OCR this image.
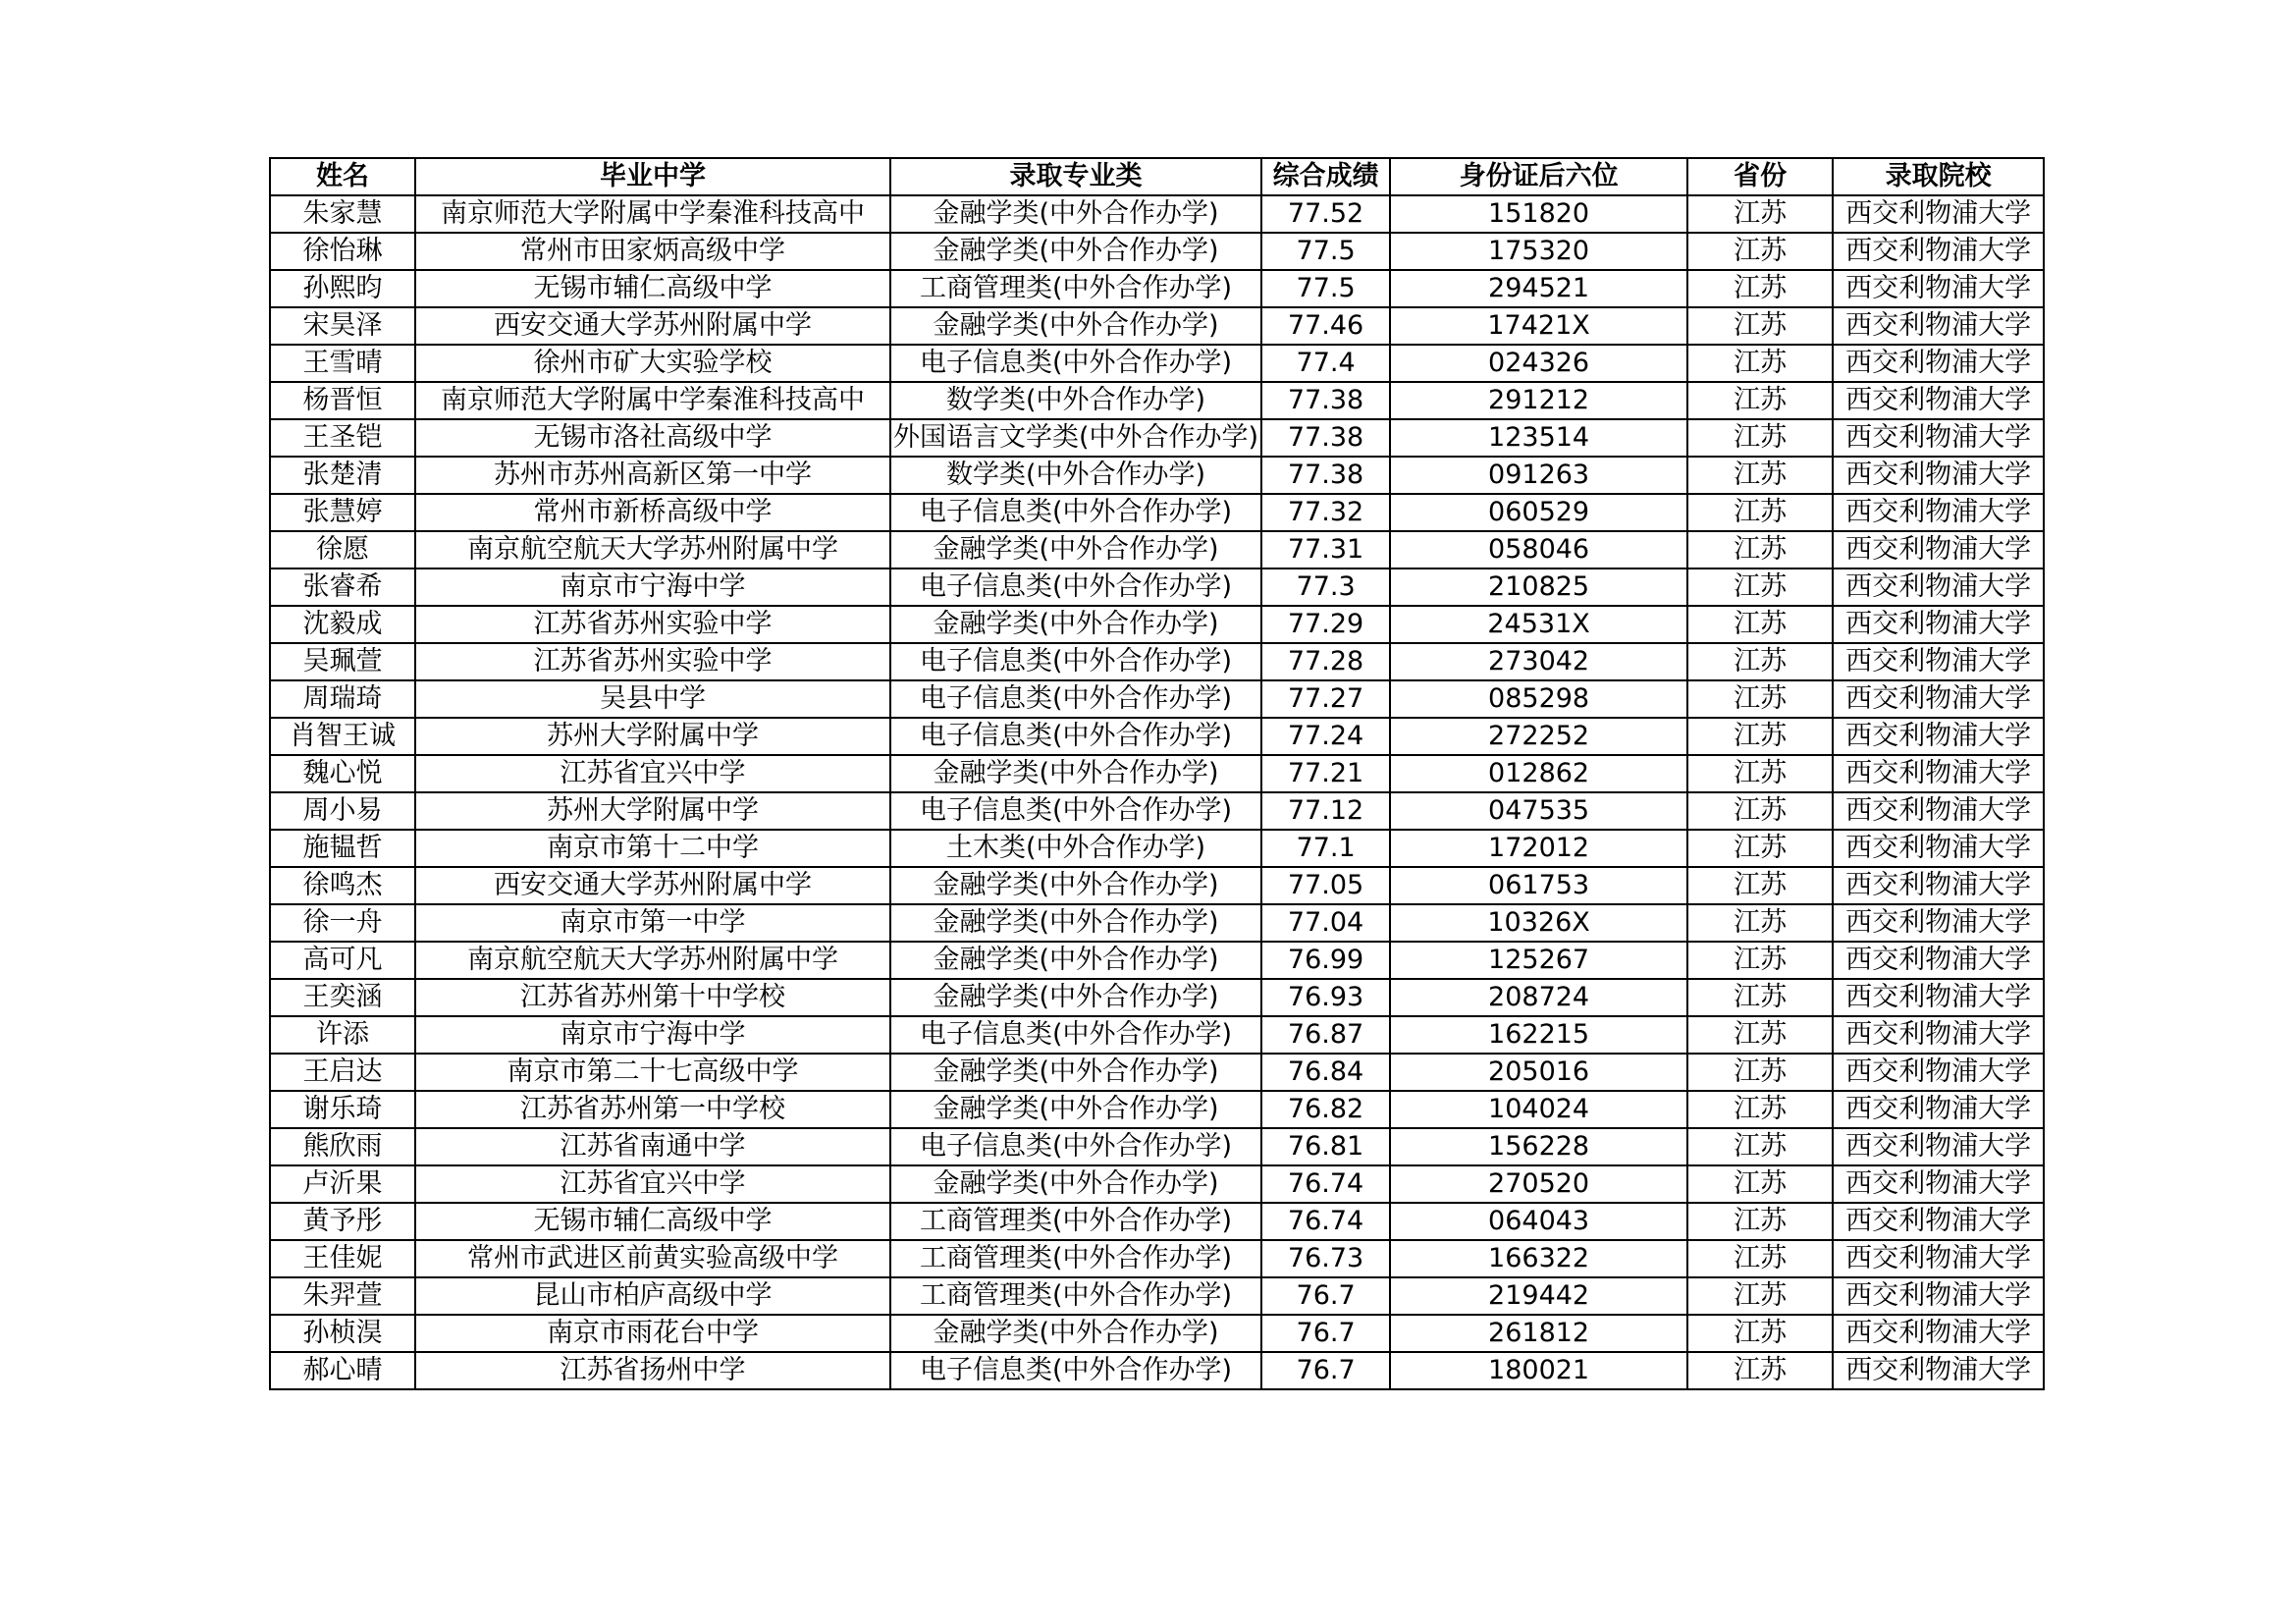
姓名	毕业中学	录取专业类	综合成绩	身份证后六位	省份	录取院校
朱家慧	南京师范大学附属中学秦淮科技高中	金融学类(中外合作办学)	77.52	151820	江苏	西交利物浦大学
徐怡琳	常州市田家炳高级中学	金融学类(中外合作办学)	77.5	175320	江苏	西交利物浦大学
孙熙昀	无锡市辅仁高级中学	工商管理类(中外合作办学)	77.5	294521	江苏	西交利物浦大学
宋昊泽	西安交通大学苏州附属中学	金融学类(中外合作办学)	77.46	17421X	江苏	西交利物浦大学
王雪晴	徐州市矿大实验学校	电子信息类(中外合作办学)	77.4	024326	江苏	西交利物浦大学
杨晋恒	南京师范大学附属中学秦淮科技高中	数学类(中外合作办学)	77.38	291212	江苏	西交利物浦大学
王圣铠	无锡市洛社高级中学	外国语言文学类(中外合作办学)	77.38	123514	江苏	西交利物浦大学
张楚清	苏州市苏州高新区第一中学	数学类(中外合作办学)	77.38	091263	江苏	西交利物浦大学
张慧婷	常州市新桥高级中学	电子信息类(中外合作办学)	77.32	060529	江苏	西交利物浦大学
徐愿	南京航空航天大学苏州附属中学	金融学类(中外合作办学)	77.31	058046	江苏	西交利物浦大学
张睿希	南京市宁海中学	电子信息类(中外合作办学)	77.3	210825	江苏	西交利物浦大学
沈毅成	江苏省苏州实验中学	金融学类(中外合作办学)	77.29	24531X	江苏	西交利物浦大学
吴珮萱	江苏省苏州实验中学	电子信息类(中外合作办学)	77.28	273042	江苏	西交利物浦大学
周瑞琦	吴县中学	电子信息类(中外合作办学)	77.27	085298	江苏	西交利物浦大学
肖智王诚	苏州大学附属中学	电子信息类(中外合作办学)	77.24	272252	江苏	西交利物浦大学
魏心悦	江苏省宜兴中学	金融学类(中外合作办学)	77.21	012862	江苏	西交利物浦大学
周小易	苏州大学附属中学	电子信息类(中外合作办学)	77.12	047535	江苏	西交利物浦大学
施韫哲	南京市第十二中学	土木类(中外合作办学)	77.1	172012	江苏	西交利物浦大学
徐鸣杰	西安交通大学苏州附属中学	金融学类(中外合作办学)	77.05	061753	江苏	西交利物浦大学
徐一舟	南京市第一中学	金融学类(中外合作办学)	77.04	10326X	江苏	西交利物浦大学
高可凡	南京航空航天大学苏州附属中学	金融学类(中外合作办学)	76.99	125267	江苏	西交利物浦大学
王奕涵	江苏省苏州第十中学校	金融学类(中外合作办学)	76.93	208724	江苏	西交利物浦大学
许添	南京市宁海中学	电子信息类(中外合作办学)	76.87	162215	江苏	西交利物浦大学
王启达	南京市第二十七高级中学	金融学类(中外合作办学)	76.84	205016	江苏	西交利物浦大学
谢乐琦	江苏省苏州第一中学校	金融学类(中外合作办学)	76.82	104024	江苏	西交利物浦大学
熊欣雨	江苏省南通中学	电子信息类(中外合作办学)	76.81	156228	江苏	西交利物浦大学
卢沂果	江苏省宜兴中学	金融学类(中外合作办学)	76.74	270520	江苏	西交利物浦大学
黄予彤	无锡市辅仁高级中学	工商管理类(中外合作办学)	76.74	064043	江苏	西交利物浦大学
王佳妮	常州市武进区前黄实验高级中学	工商管理类(中外合作办学)	76.73	166322	江苏	西交利物浦大学
朱羿萱	昆山市柏庐高级中学	工商管理类(中外合作办学)	76.7	219442	江苏	西交利物浦大学
孙桢淏	南京市雨花台中学	金融学类(中外合作办学)	76.7	261812	江苏	西交利物浦大学
郝心晴	江苏省扬州中学	电子信息类(中外合作办学)	76.7	180021	江苏	西交利物浦大学
